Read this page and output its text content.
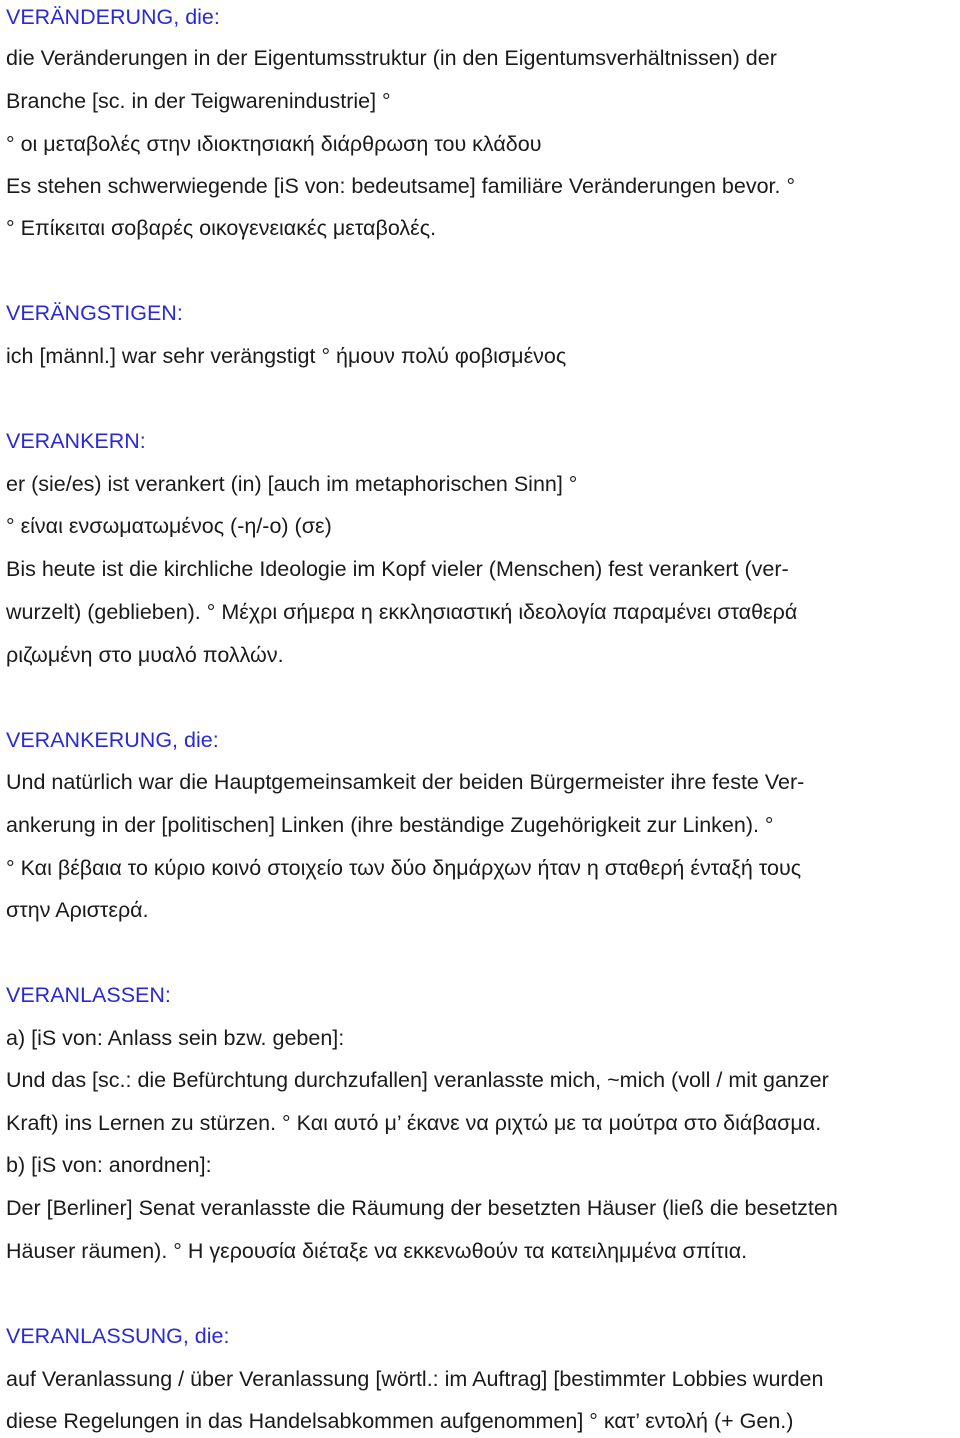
VERÄNDERUNG, die:
die Veränderungen in der Eigentumsstruktur (in den Eigentumsverhältnissen) der
Branche [sc. in der Teigwarenindustrie] °
° οι μεταβολές στην ιδιοκτησιακή διάρθρωση του κλάδου
Es stehen schwerwiegende [iS von: bedeutsame] familiäre Veränderungen bevor. °
° Επίκειται σοβαρές οικογενειακές μεταβολές.
VERÄNGSTIGEN:
ich [männl.] war sehr verängstigt ° ήμουν πολύ φοβισμένος
VERANKERN:
er (sie/es) ist verankert (in) [auch im metaphorischen Sinn] °
° είναι ενσωματωμένος (-η/-ο) (σε)
Bis heute ist die kirchliche Ideologie im Kopf vieler (Menschen) fest verankert (ver-
wurzelt) (geblieben). ° Μέχρι σήμερα η εκκλησιαστική ιδεολογία παραμένει σταθερά
ριζωμένη στο μυαλό πολλών.
VERANKERUNG, die:
Und natürlich war die Hauptgemeinsamkeit der beiden Bürgermeister ihre feste Ver-
ankerung in der [politischen] Linken (ihre beständige Zugehörigkeit zur Linken). °
° Και βέβαια το κύριο κοινό στοιχείο των δύο δημάρχων ήταν η σταθερή ένταξή τους
στην Αριστερά.
VERANLASSEN:
a) [iS von: Anlass sein bzw. geben]:
Und das [sc.: die Befürchtung durchzufallen] veranlasste mich, ~mich (voll / mit ganzer
Kraft) ins Lernen zu stürzen. ° Και αυτό μ’ έκανε να ριχτώ με τα μούτρα στο διάβασμα.
b) [iS von: anordnen]:
Der [Berliner] Senat veranlasste die Räumung der besetzten Häuser (ließ die besetzten
Häuser räumen). ° Η γερουσία διέταξε να εκκενωθούν τα κατειλημμένα σπίτια.
VERANLASSUNG, die:
auf Veranlassung / über Veranlassung [wörtl.: im Auftrag] [bestimmter Lobbies wurden
diese Regelungen in das Handelsabkommen aufgenommen] ° κατ’ εντολή (+ Gen.)
